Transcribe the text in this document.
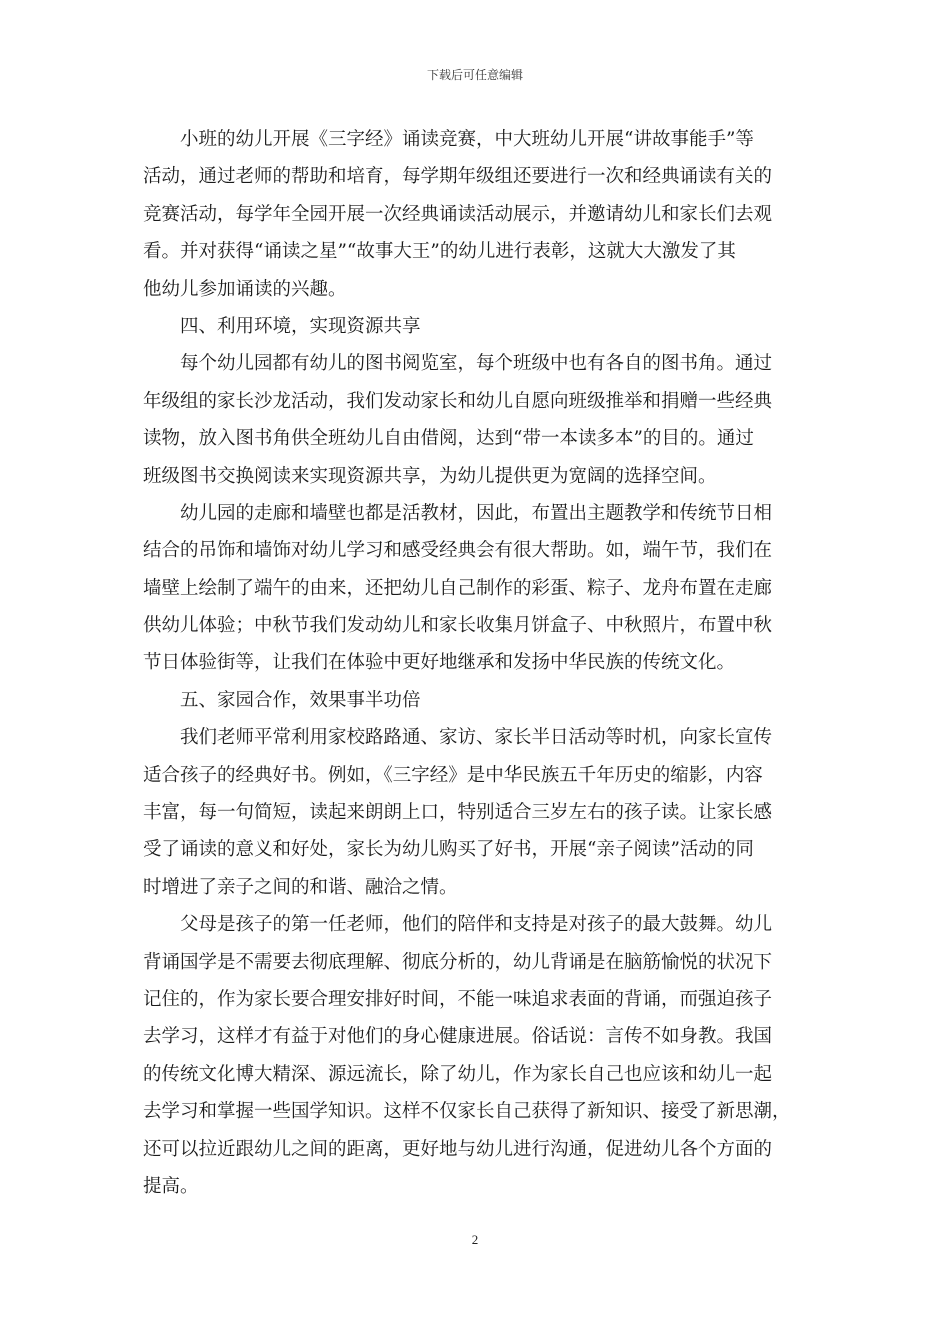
下载后可任意编辑
小班的幼儿开展《三字经》诵读竞赛，中大班幼儿开展“讲故事能手”等
活动，通过老师的帮助和培育，每学期年级组还要进行一次和经典诵读有关的
竞赛活动，每学年全园开展一次经典诵读活动展示，并邀请幼儿和家长们去观
看。并对获得“诵读之星”“故事大王”的幼儿进行表彰，这就大大激发了其
他幼儿参加诵读的兴趣。
四、利用环境，实现资源共享
每个幼儿园都有幼儿的图书阅览室，每个班级中也有各自的图书角。通过
年级组的家长沙龙活动，我们发动家长和幼儿自愿向班级推举和捐赠一些经典
读物，放入图书角供全班幼儿自由借阅，达到“带一本读多本”的目的。通过
班级图书交换阅读来实现资源共享，为幼儿提供更为宽阔的选择空间。
幼儿园的走廊和墙壁也都是活教材，因此，布置出主题教学和传统节日相
结合的吊饰和墙饰对幼儿学习和感受经典会有很大帮助。如，端午节，我们在
墙壁上绘制了端午的由来，还把幼儿自己制作的彩蛋、粽子、龙舟布置在走廊
供幼儿体验；中秋节我们发动幼儿和家长收集月饼盒子、中秋照片，布置中秋
节日体验街等，让我们在体验中更好地继承和发扬中华民族的传统文化。
五、家园合作，效果事半功倍
我们老师平常利用家校路路通、家访、家长半日活动等时机，向家长宣传
适合孩子的经典好书。例如，《三字经》是中华民族五千年历史的缩影，内容
丰富，每一句简短，读起来朗朗上口，特别适合三岁左右的孩子读。让家长感
受了诵读的意义和好处，家长为幼儿购买了好书，开展“亲子阅读”活动的同
时增进了亲子之间的和谐、融洽之情。
父母是孩子的第一任老师，他们的陪伴和支持是对孩子的最大鼓舞。幼儿
背诵国学是不需要去彻底理解、彻底分析的，幼儿背诵是在脑筋愉悦的状况下
记住的，作为家长要合理安排好时间，不能一味追求表面的背诵，而强迫孩子
去学习，这样才有益于对他们的身心健康进展。俗话说：言传不如身教。我国
的传统文化博大精深、源远流长，除了幼儿，作为家长自己也应该和幼儿一起
去学习和掌握一些国学知识。这样不仅家长自己获得了新知识、接受了新思潮，
还可以拉近跟幼儿之间的距离，更好地与幼儿进行沟通，促进幼儿各个方面的
提高。
2
